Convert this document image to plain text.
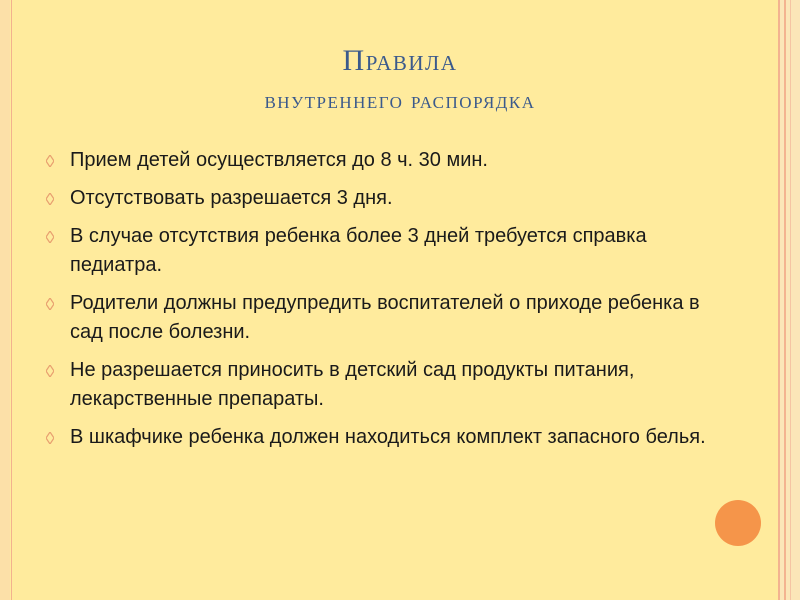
Правила
внутреннего распорядка
Прием детей осуществляется до 8 ч. 30 мин.
Отсутствовать разрешается 3 дня.
В случае отсутствия ребенка более 3 дней требуется справка педиатра.
Родители должны предупредить воспитателей о приходе ребенка в сад после болезни.
Не разрешается приносить в детский сад продукты питания, лекарственные препараты.
В шкафчике ребенка должен находиться комплект запасного белья.
